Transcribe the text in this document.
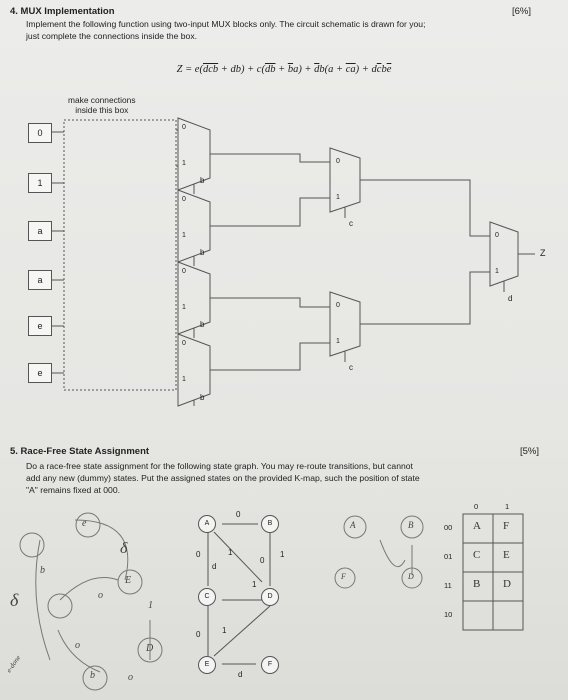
4. MUX Implementation	[6%]
Implement the following function using two-input MUX blocks only. The circuit schematic is drawn for you;
just complete the connections inside the box.
$Z = e(\overline{dcb} + db) + c(\overline{db} + \overline{b}a) + \overline{d}b(a + \overline{ca}) + d\overline{c}b\overline{e}$
make connections
inside this box
0
1
a
a
e
e
0
1
0
1
0
1
0
1
0
1
0
1
0
1
b
b
b
b
c
c
d
Z
5. Race-Free State Assignment	[5%]
Do a race-free state assignment for the following state graph. You may re-route transitions, but cannot
add any new (dummy) states. Put the assigned states on the provided K-map, such the position of state
"A" remains fixed at 000.
A	B
C	D
E	F
0
0	1
d
0
1
1
0	1
d
0	1
00
01
11
10
A F
C E
B D
A	B
F	D
E
δ
o
δ
b
o
e
b
D
1
o
e-done
